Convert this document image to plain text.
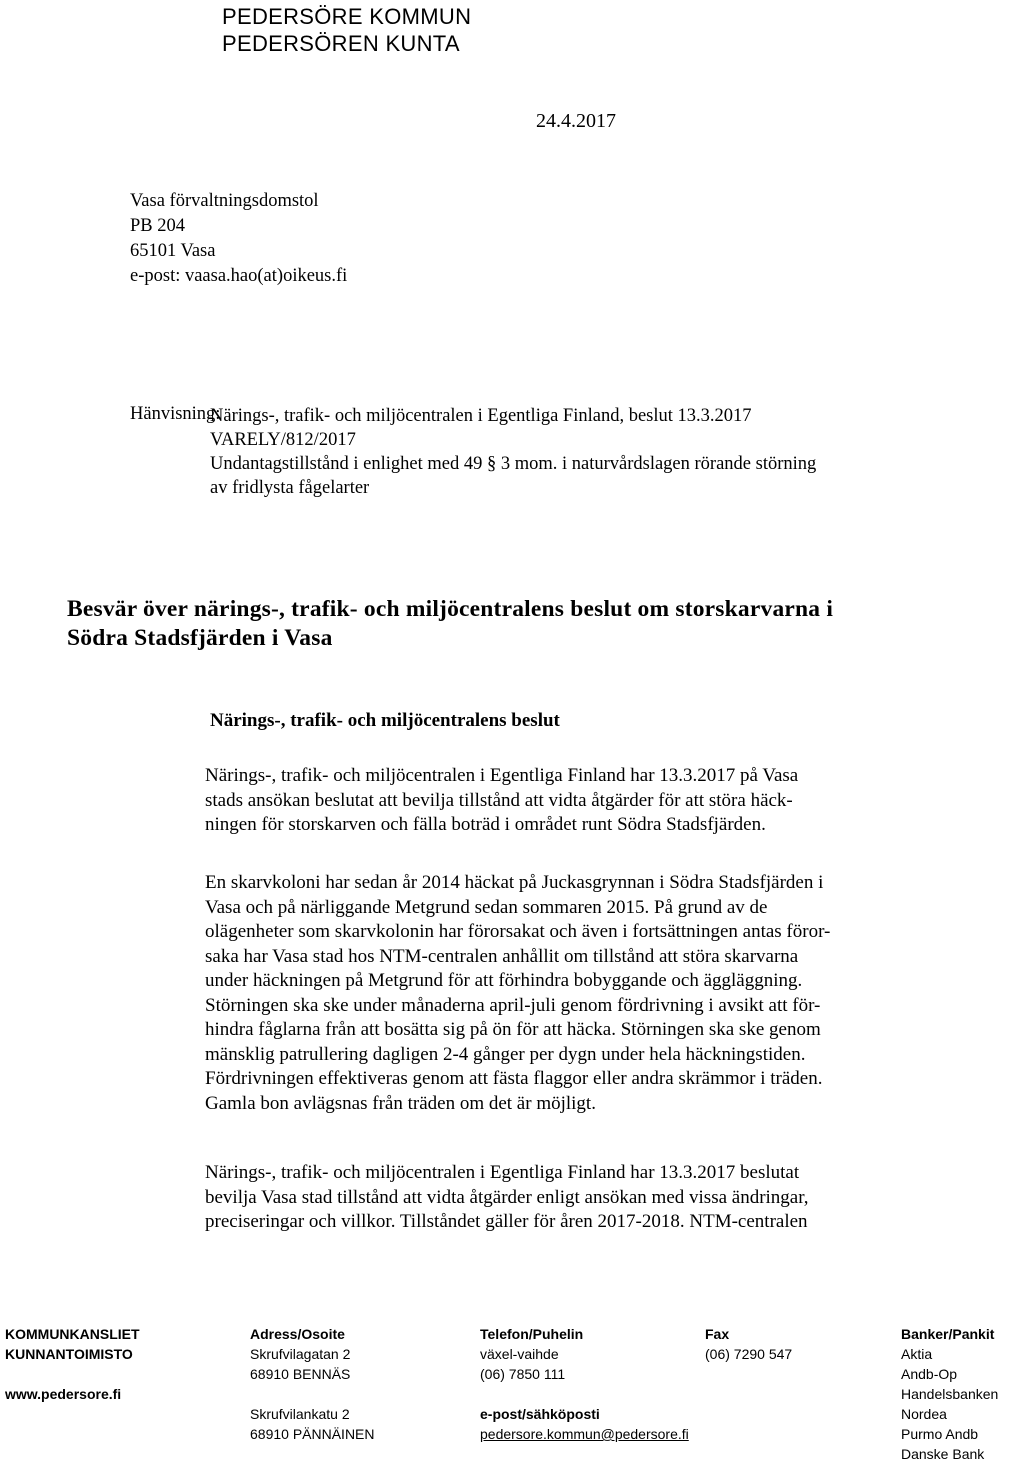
PEDERSÖRE KOMMUN
PEDERSÖREN KUNTA
24.4.2017
Vasa förvaltningsdomstol
PB 204
65101 Vasa
e-post: vaasa.hao(at)oikeus.fi
Hänvisning:
Närings-, trafik- och miljöcentralen i Egentliga Finland, beslut 13.3.2017
VARELY/812/2017
Undantagstillstånd i enlighet med 49 § 3 mom. i naturvårdslagen rörande störning
av fridlysta fågelarter
Besvär över närings-, trafik- och miljöcentralens beslut om storskarvarna i
Södra Stadsfjärden i Vasa
Närings-, trafik- och miljöcentralens beslut
Närings-, trafik- och miljöcentralen i Egentliga Finland har 13.3.2017 på Vasa
stads ansökan beslutat att bevilja tillstånd att vidta åtgärder för att störa häck-
ningen för storskarven och fälla boträd i området runt Södra Stadsfjärden.
En skarvkoloni har sedan år 2014 häckat på Juckasgrynnan i Södra Stadsfjärden i
Vasa och på närliggande Metgrund sedan sommaren 2015. På grund av de
olägenheter som skarvkolonin har förorsakat och även i fortsättningen antas föror-
saka har Vasa stad hos NTM-centralen anhållit om tillstånd att störa skarvarna
under häckningen på Metgrund för att förhindra bobyggande och äggläggning.
Störningen ska ske under månaderna april-juli genom fördrivning i avsikt att för-
hindra fåglarna från att bosätta sig på ön för att häcka. Störningen ska ske genom
mänsklig patrullering dagligen 2-4 gånger per dygn under hela häckningstiden.
Fördrivningen effektiveras genom att fästa flaggor eller andra skrämmor i träden.
Gamla bon avlägsnas från träden om det är möjligt.
Närings-, trafik- och miljöcentralen i Egentliga Finland har 13.3.2017 beslutat
bevilja Vasa stad tillstånd att vidta åtgärder enligt ansökan med vissa ändringar,
preciseringar och villkor. Tillståndet gäller för åren 2017-2018. NTM-centralen
KOMMUNKANSLIET
KUNNANTOIMISTO
www.pedersore.fi
Adress/Osoite
Skrufvilagatan 2
68910 BENNÄS
Skrufvilankatu 2
68910 PÄNNÄINEN
Telefon/Puhelin
växel-vaihde
(06) 7850 111
e-post/sähköposti
pedersore.kommun@pedersore.fi
Fax
(06) 7290 547
Banker/Pankit
Aktia
Andb-Op
Handelsbanken
Nordea
Purmo Andb
Danske Bank
